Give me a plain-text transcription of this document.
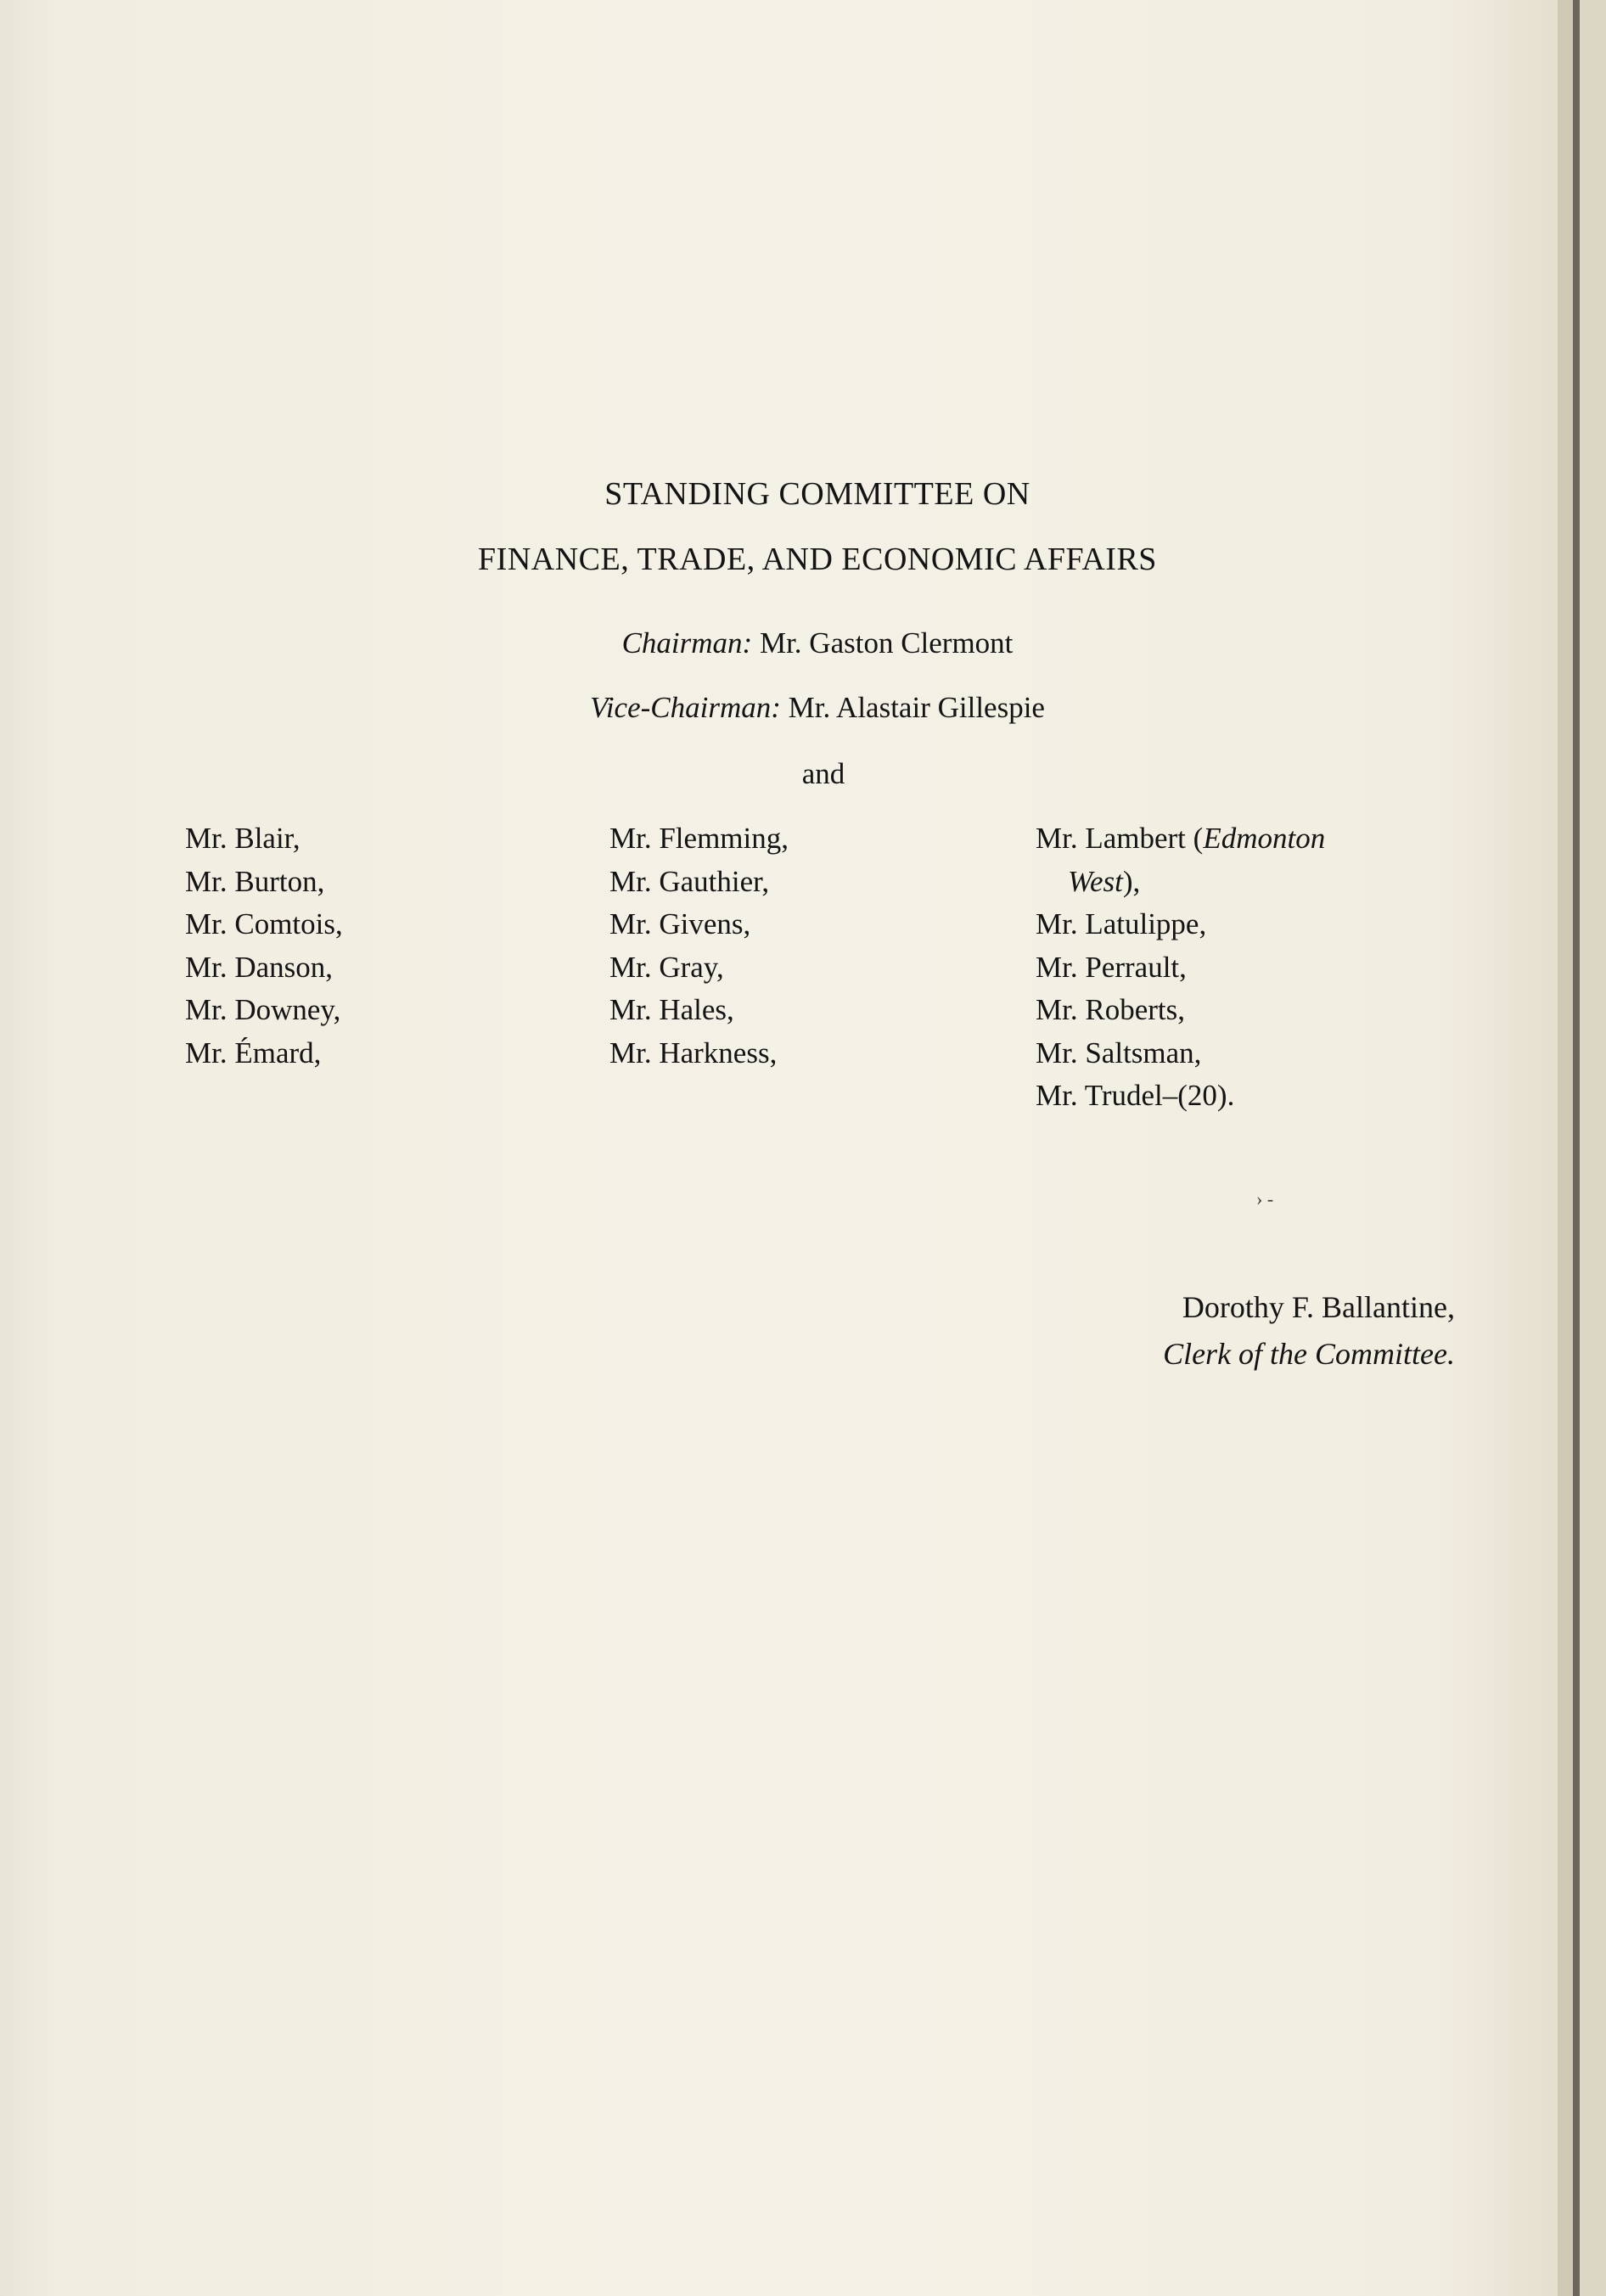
STANDING COMMITTEE ON
FINANCE, TRADE, AND ECONOMIC AFFAIRS
Chairman: Mr. Gaston Clermont
Vice-Chairman: Mr. Alastair Gillespie
and
Mr. Blair,
Mr. Burton,
Mr. Comtois,
Mr. Danson,
Mr. Downey,
Mr. Émard,
Mr. Flemming,
Mr. Gauthier,
Mr. Givens,
Mr. Gray,
Mr. Hales,
Mr. Harkness,
Mr. Lambert (Edmonton
West),
Mr. Latulippe,
Mr. Perrault,
Mr. Roberts,
Mr. Saltsman,
Mr. Trudel–(20).
› -
Dorothy F. Ballantine,
Clerk of the Committee.
